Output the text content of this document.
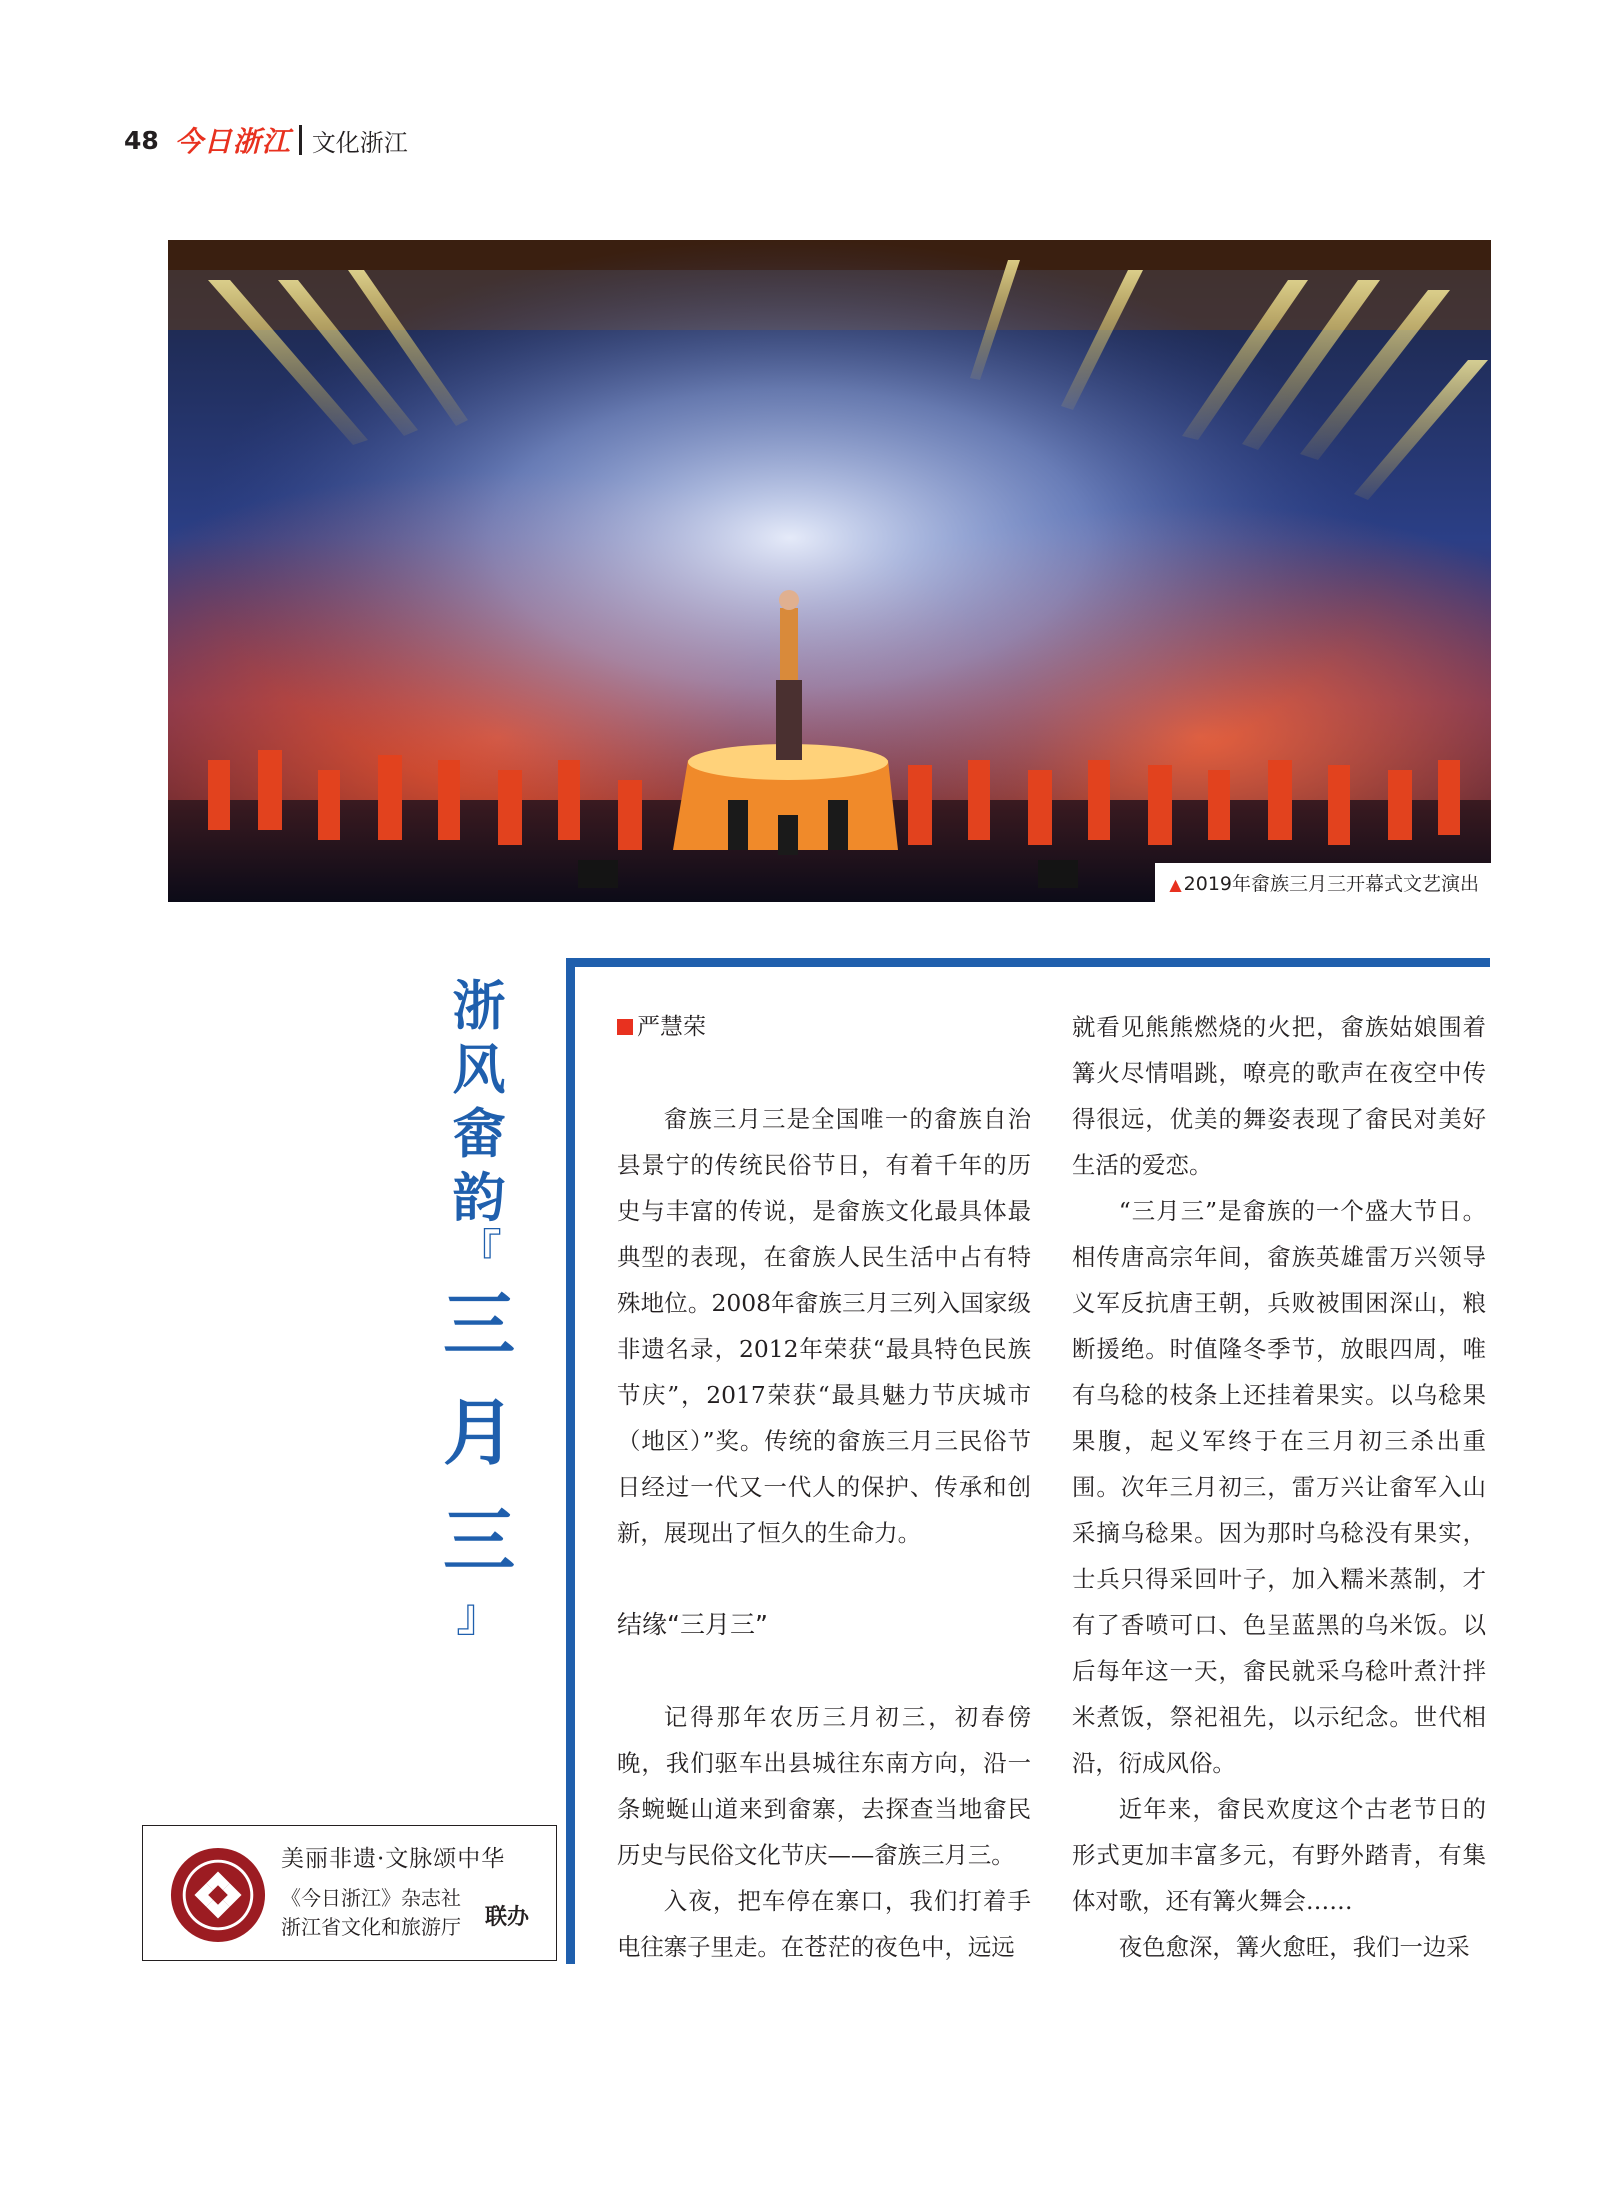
48 今日浙江 文化浙江
▲ 2019年畲族三月三开幕式文艺演出
浙
风
畲
韵
『
三
月
三
』
严慧荣

畲族三月三是全国唯一的畲族自治县景宁的传统民俗节日，有着千年的历史与丰富的传说，是畲族文化最具体最典型的表现，在畲族人民生活中占有特殊地位。2008年畲族三月三列入国家级非遗名录，2012年荣获“最具特色民族节庆”，2017荣获“最具魅力节庆城市（地区）”奖。传统的畲族三月三民俗节日经过一代又一代人的保护、传承和创新，展现出了恒久的生命力。

结缘“三月三”

记得那年农历三月初三，初春傍晚，我们驱车出县城往东南方向，沿一条蜿蜒山道来到畲寨，去探查当地畲民历史与民俗文化节庆——畲族三月三。

入夜，把车停在寨口，我们打着手电往寨子里走。在苍茫的夜色中，远远

就看见熊熊燃烧的火把，畲族姑娘围着篝火尽情唱跳，嘹亮的歌声在夜空中传得很远，优美的舞姿表现了畲民对美好生活的爱恋。

“三月三”是畲族的一个盛大节日。相传唐高宗年间，畲族英雄雷万兴领导义军反抗唐王朝，兵败被围困深山，粮断援绝。时值隆冬季节，放眼四周，唯有乌稔的枝条上还挂着果实。以乌稔果果腹，起义军终于在三月初三杀出重围。次年三月初三，雷万兴让畲军入山采摘乌稔果。因为那时乌稔没有果实，士兵只得采回叶子，加入糯米蒸制，才有了香喷可口、色呈蓝黑的乌米饭。以后每年这一天，畲民就采乌稔叶煮汁拌米煮饭，祭祀祖先，以示纪念。世代相沿，衍成风俗。

近年来，畲民欢度这个古老节日的形式更加丰富多元，有野外踏青，有集体对歌，还有篝火舞会……

夜色愈深，篝火愈旺，我们一边采

美丽非遗·文脉颂中华
《今日浙江》杂志社
浙江省文化和旅游厅 联办
